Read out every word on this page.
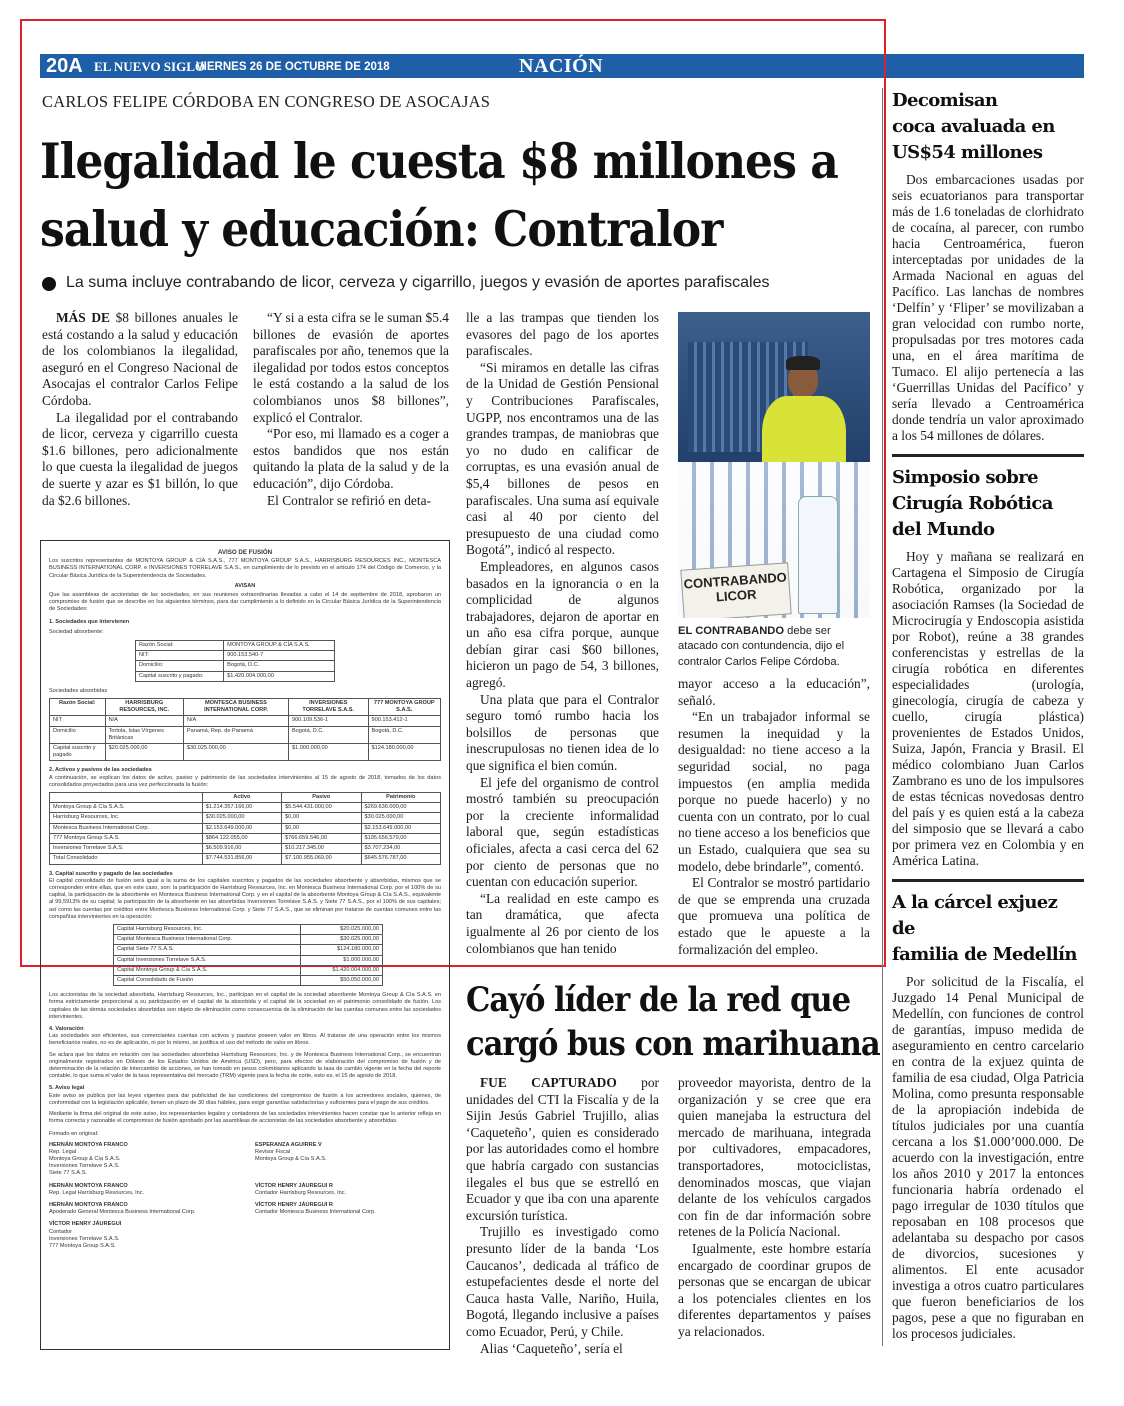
20A EL NUEVO SIGLO
VIERNES 26 DE OCTUBRE DE 2018	NACIÓN
CARLOS FELIPE CÓRDOBA EN CONGRESO DE ASOCAJAS
Ilegalidad le cuesta $8 millones a
salud y educación: Contralor
La suma incluye contrabando de licor, cerveza y cigarrillo, juegos y evasión de aportes parafiscales

MÁS DE $8 billones anuales le está costando a la salud y educación de los colombianos la ilegalidad, aseguró en el Congreso Nacional de Asocajas el contralor Carlos Felipe Córdoba.

La ilegalidad por el contrabando de licor, cerveza y cigarrillo cuesta $1.6 billones, pero adicionalmente lo que cuesta la ilegalidad de juegos de suerte y azar es $1 billón, lo que da $2.6 billones.

“Y si a esta cifra se le suman $5.4 billones de evasión de aportes parafiscales por año, tenemos que la ilegalidad por todos estos conceptos le está costando a la salud de los colombianos unos $8 billones”, explicó el Contralor.

“Por eso, mi llamado es a coger a estos bandidos que nos están quitando la plata de la salud y de la educación”, dijo Córdoba.

El Contralor se refirió en deta-

lle a las trampas que tienden los evasores del pago de los aportes parafiscales.

“Si miramos en detalle las cifras de la Unidad de Gestión Pensional y Contribuciones Parafiscales, UGPP, nos encontramos una de las grandes trampas, de maniobras que yo no dudo en calificar de corruptas, es una evasión anual de $5,4 billones de pesos en parafiscales. Una suma así equivale casi al 40 por ciento del presupuesto de una ciudad como Bogotá”, indicó al respecto.

Empleadores, en algunos casos basados en la ignorancia o en la complicidad de algunos trabajadores, dejaron de aportar en un año esa cifra porque, aunque debían girar casi $60 billones, hicieron un pago de 54, 3 billones, agregó.

Una plata que para el Contralor seguro tomó rumbo hacia los bolsillos de personas que inescrupulosas no tienen idea de lo que significa el bien común.

El jefe del organismo de control mostró también su preocupación por la creciente informalidad laboral que, según estadísticas oficiales, afecta a casi cerca del 62 por ciento de personas que no cuentan con educación superior.

“La realidad en este campo es tan dramática, que afecta igualmente al 26 por ciento de los colombianos que han tenido

CONTRABANDO
LICOR
EL CONTRABANDO debe ser atacado con contundencia, dijo el contralor Carlos Felipe Córdoba.

mayor acceso a la educación”, señaló.

“En un trabajador informal se resumen la inequidad y la desigualdad: no tiene acceso a la seguridad social, no paga impuestos (en amplia medida porque no puede hacerlo) y no cuenta con un contrato, por lo cual no tiene acceso a los beneficios que un Estado, cualquiera que sea su modelo, debe brindarle”, comentó.

El Contralor se mostró partidario de que se emprenda una cruzada que promueva una política de estado que le apueste a la formalización del empleo.

AVISO DE FUSIÓN

Los suscritos representantes de MONTOYA GROUP & CÍA S.A.S., 777 MONTOYA GROUP S.A.S., HARRISBURG RESOURCES INC., MONTESCA BUSINESS INTERNATIONAL CORP. e INVERSIONES TORRELAVE S.A.S., en cumplimiento de lo previsto en el artículo 174 del Código de Comercio, y la Circular Básica Jurídica de la Superintendencia de Sociedades.

AVISAN

Que las asambleas de accionistas de las sociedades, en sus reuniones extraordinarias llevadas a cabo el 14 de septiembre de 2018, aprobaron un compromiso de fusión que se describe en los siguientes términos, para dar cumplimiento a lo definido en la Circular Básica Jurídica de la Superintendencia de Sociedades:

1. Sociedades que intervienen
Sociedad absorbente:
Razón Social:	MONTOYA GROUP & CÍA S.A.S.
NIT:	900.153.540-7
Domicilio:	Bogotá, D.C.
Capital suscrito y pagado:	$1.420.004.000,00
Sociedades absorbidas
Razón Social:	HARRISBURG RESOURCES, INC.	MONTESCA BUSINESS INTERNATIONAL CORP.	INVERSIONES TORRELAVE S.A.S.	777 MONTOYA GROUP S.A.S.
NIT	N/A	N/A	900.109.536-1	900.153.412-1
Domicilio	Tortola, Islas Vírgenes Británicas	Panamá, Rep. de Panamá	Bogotá, D.C.	Bogotá, D.C.
Capital suscrito y pagado	$20.025.000,00	$30.025.000,00	$1.000.000,00	$124.180.000,00
2. Activos y pasivos de las sociedades

A continuación, se explican los datos de activo, pasivo y patrimonio de las sociedades intervinientes al 15 de agosto de 2018, tomados de los datos consolidados proyectados para una vez perfeccionada la fusión:

	Activo	Pasivo	Patrimonio
Montoya Group & Cía S.A.S.	$1.214.357.166,00	$5.544.431.000,00	$269.636.000,00
Harrisburg Resources, Inc.	$30.025.000,00	$0,00	$30.025.000,00
Montesca Business International Corp.	$2.153.649.000,00	$0,00	$2.153.649.000,00
777 Montoya Group S.A.S.	$864.122.055,00	$766.659.546,00	$195.656.579,00
Inversiones Torrelave S.A.S.	$6.509.916,00	$10.217.345,00	$3.707.234,00
Total Consolidado	$7.744.531.856,00	$7.100.955.069,00	$645.576.787,00
3. Capital suscrito y pagado de las sociedades

El capital consolidado de fusión será igual a la suma de los capitales suscritos y pagados de las sociedades absorbente y absorbidas, mismos que se corresponden entre ellas, que en este caso, son: la participación de Harrisburg Resources, Inc. en Montesca Business International Corp. por el 100% de su capital, la participación de la absorbente en Montesca Business International Corp. y en el capital de la absorbente Montoya Group & Cía S.A.S., equivalente al 99,5913% de su capital; la participación de la absorbente en las absorbidas Inversiones Torrelave S.A.S. y Siete 77 S.A.S., por el 100% de sus capitales; así como las cuentas por créditos entre Montesca Business International Corp. y Siete 77 S.A.S., que se eliminan por tratarse de cuentas comunes entre las compañías intervinientes en la operación:

Capital Harrisburg Resources, Inc.	$20.025.000,00
Capital Montesca Business International Corp.	$30.025.000,00
Capital Siete 77 S.A.S.	$124.180.000,00
Capital Inversiones Torrelave S.A.S.	$1.000.000,00
Capital Montoya Group & Cía S.A.S.	$1.420.004.000,00
Capital Consolidado de Fusión	$50.050.000,00

Los accionistas de la sociedad absorbida, Harrisburg Resources, Inc., participan en el capital de la sociedad absorbente Montoya Group & Cía S.A.S. en forma estrictamente proporcional a su participación en el capital de la absorbida y el capital de la sociedad en el patrimonio consolidado de fusión. Los capitales de las demás sociedades absorbidas son objeto de eliminación como consecuencia de la eliminación de las cuentas comunes entre las sociedades intervinientes.

4. Valoración

Las sociedades son eficientes, sus comerciantes cuentas con activos y pasivos poseen valor en libros. Al tratarse de una operación entre los mismos beneficiarios reales, no es de aplicación, ni por lo mismo, se justifica el uso del método de valor en libros.

Se aclara que los datos en relación con las sociedades absorbidas Harrisburg Resources, Inc. y de Montesca Business International Corp., se encuentran originalmente registrados en Dólares de los Estados Unidos de América (USD), pero, para efectos de elaboración del compromiso de fusión y de determinación de la relación de intercambio de acciones, se han tomado en pesos colombianos aplicando la tasa de cambio vigente en la fecha del reporte contable, lo que suma el valor de la tasa representativa del mercado (TRM) vigente para la fecha de corte, esto es, el 15 de agosto de 2018.

5. Aviso legal

Este aviso se publica por las leyes vigentes para dar publicidad de las condiciones del compromiso de fusión a los acreedores sociales, quienes, de conformidad con la legislación aplicable, tienen un plazo de 30 días hábiles, para exigir garantías satisfactorias y suficientes para el pago de sus créditos.

Mediante la firma del original de este aviso, los representantes legales y contadores de las sociedades intervinientes hacen constar que lo anterior refleja en forma correcta y razonable el compromiso de fusión aprobado por las asambleas de accionistas de las sociedades absorbente y absorbidas.

Firmado en original:
HERNÁN MONTOYA FRANCO
Rep. Legal
Montoya Group & Cía S.A.S.
Inversiones Torrelave S.A.S.
Siete 77 S.A.S.
ESPERANZA AGUIRRE V
Revisor Fiscal
Montoya Group & Cía S.A.S.
HERNÁN MONTOYA FRANCO
Rep. Legal Harrisburg Resources, Inc.
VÍCTOR HENRY JÁUREGUI R
Contador Harrisburg Resources, Inc.
HERNÁN MONTOYA FRANCO
Apoderado General Montesca Business International Corp.
VÍCTOR HENRY JÁUREGUI R
Contador Montesca Business International Corp.
VÍCTOR HENRY JÁUREGUI
Contador
Inversiones Torrelave S.A.S.
777 Montoya Group S.A.S.
Cayó líder de la red que
cargó bus con marihuana

FUE CAPTURADO por unidades del CTI la Fiscalía y de la Sijin Jesús Gabriel Trujillo, alias ‘Caqueteño’, quien es considerado por las autoridades como el hombre que habría cargado con sustancias ilegales el bus que se estrelló en Ecuador y que iba con una aparente excursión turística.

Trujillo es investigado como presunto líder de la banda ‘Los Caucanos’, dedicada al tráfico de estupefacientes desde el norte del Cauca hasta Valle, Nariño, Huila, Bogotá, llegando inclusive a países como Ecuador, Perú, y Chile.

Alias ‘Caqueteño’, sería el

proveedor mayorista, dentro de la organización y se cree que era quien manejaba la estructura del mercado de marihuana, integrada por cultivadores, empacadores, transportadores, motociclistas, denominados moscas, que viajan delante de los vehículos cargados con fin de dar información sobre retenes de la Policía Nacional.

Igualmente, este hombre estaría encargado de coordinar grupos de personas que se encargan de ubicar a los potenciales clientes en los diferentes departamentos y países ya relacionados.

Decomisan
coca avaluada en
US$54 millones

Dos embarcaciones usadas por seis ecuatorianos para transportar más de 1.6 toneladas de clorhidrato de cocaína, al parecer, con rumbo hacia Centroamérica, fueron interceptadas por unidades de la Armada Nacional en aguas del Pacífico. Las lanchas de nombres ‘Delfín’ y ‘Fliper’ se movilizaban a gran velocidad con rumbo norte, propulsadas por tres motores cada una, en el área marítima de Tumaco. El alijo pertenecía a las ‘Guerrillas Unidas del Pacífico’ y sería llevado a Centroamérica donde tendría un valor aproximado a los 54 millones de dólares.

Simposio sobre
Cirugía Robótica
del Mundo

Hoy y mañana se realizará en Cartagena el Simposio de Cirugía Robótica, organizado por la asociación Ramses (la Sociedad de Microcirugía y Endoscopia asistida por Robot), reúne a 38 grandes conferencistas y estrellas de la cirugía robótica en diferentes especialidades (urología, ginecología, cirugía de cabeza y cuello, cirugía plástica) provenientes de Estados Unidos, Suiza, Japón, Francia y Brasil. El médico colombiano Juan Carlos Zambrano es uno de los impulsores de estas técnicas novedosas dentro del país y es quien está a la cabeza del simposio que se llevará a cabo por primera vez en Colombia y en América Latina.

A la cárcel exjuez de
familia de Medellín

Por solicitud de la Fiscalía, el Juzgado 14 Penal Municipal de Medellín, con funciones de control de garantías, impuso medida de aseguramiento en centro carcelario en contra de la exjuez quinta de familia de esa ciudad, Olga Patricia Molina, como presunta responsable de la apropiación indebida de títulos judiciales por una cuantía cercana a los $1.000’000.000. De acuerdo con la investigación, entre los años 2010 y 2017 la entonces funcionaria habría ordenado el pago irregular de 1030 títulos que reposaban en 108 procesos que adelantaba su despacho por casos de divorcios, sucesiones y alimentos. El ente acusador investiga a otros cuatro particulares que fueron beneficiarios de los pagos, pese a que no figuraban en los procesos judiciales.
